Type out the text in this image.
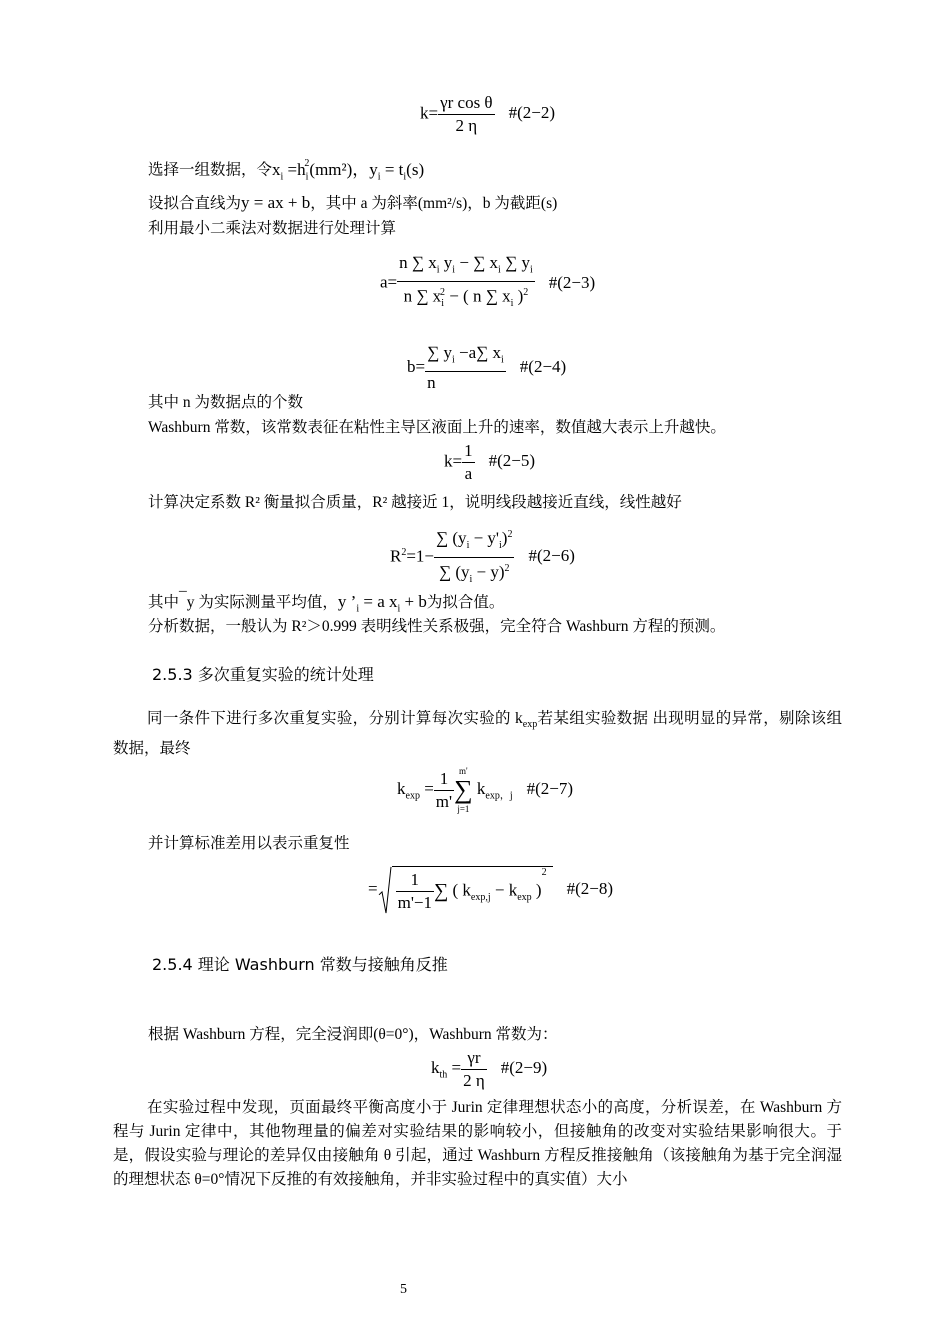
$k= \frac{\text{γr cos θ}}{2 \eta}$ #(2−2)
选择一组数据，令$x_i =h_i^2(mm^2)$，$y_i = t_i(s)$
设拟合直线为y = ax + b，其中 a 为斜率(mm²/s)，b 为截距(s)
利用最小二乘法对数据进行处理计算
$a= \frac{n \sum x_i y_i - \sum x_i \sum y_i}{n \sum x_i^2 - ( n \sum x_i )^2}$ #(2−3)
$b= \frac{\sum y_i -a\sum x_i}{n}$ #(2−4)
其中 n 为数据点的个数
Washburn 常数，该常数表征在粘性主导区液面上升的速率，数值越大表示上升越快。
$k= \frac{1}{a}$ #(2−5)
计算决定系数 R² 衡量拟合质量，R² 越接近 1，说明线段越接近直线，线性越好
$R^2=1- \frac{\sum (y_i - y'_i)^2}{\sum (y_i - y)^2}$ #(2−6)
其中¯y 为实际测量平均值，y $’_i = a$ $x_i + b$为拟合值。
分析数据，一般认为 R²＞0.999 表明线性关系极强，完全符合 Washburn 方程的预测。
2.5.3 多次重复实验的统计处理
同一条件下进行多次重复实验，分别计算每次实验的 $k_{exp}$若某组实验数据 出现明显的异常，剔除该组数据，最终
$k_{exp} = \frac{1}{m'} m'$
∑
j=1
$k_{exp,j}$ #(2−7)
并计算标准差用以表示重复性
= $\frac{1}{m'-1}$ ∑ ( $k_{exp,j} - k_{exp}$ )$^2$#(2−8)
2.5.4 理论 Washburn 常数与接触角反推
根据 Washburn 方程，完全浸润即(θ=0°)，Washburn 常数为：
$k_{th} = \frac{\gamma r}{2 \eta}$ #(2−9)
在实验过程中发现，页面最终平衡高度小于 Jurin 定律理想状态小的高度，分析误差，在 Washburn 方程与 Jurin 定律中，其他物理量的偏差对实验结果的影响较小，但接触角的改变对实验结果影响很大。于是，假设实验与理论的差异仅由接触角 θ 引起，通过 Washburn 方程反推接触角（该接触角为基于完全润湿的理想状态 θ=0°情况下反推的有效接触角，并非实验过程中的真实值）大小
5
